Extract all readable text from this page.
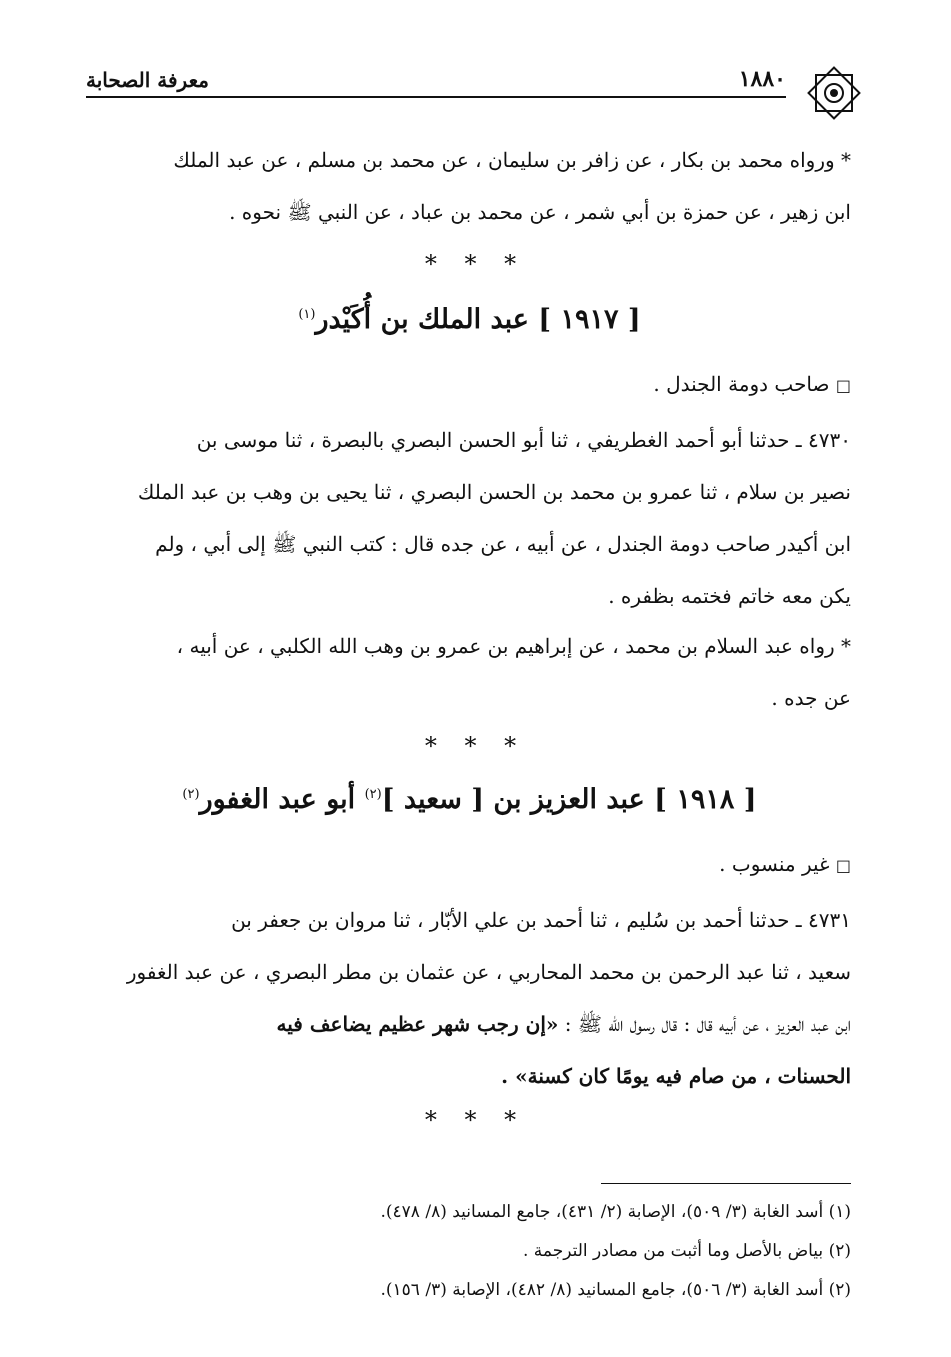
١٨٨٠
معرفة الصحابة

* ورواه محمد بن بكار ، عن زافر بن سليمان ، عن محمد بن مسلم ، عن عبد الملك

ابن زهير ، عن حمزة بن أبي شمر ، عن محمد بن عباد ، عن النبي ﷺ نحوه .

* * *
[ ١٩١٧ ] عبد الملك بن أُكَيْدر$^{(١)}$

□ صاحب دومة الجندل .

٤٧٣٠ ـ حدثنا أبو أحمد الغطريفي ، ثنا أبو الحسن البصري بالبصرة ، ثنا موسى بن

نصير بن سلام ، ثنا عمرو بن محمد بن الحسن البصري ، ثنا يحيى بن وهب بن عبد الملك

ابن أكيدر صاحب دومة الجندل ، عن أبيه ، عن جده قال : كتب النبي ﷺ إلى أبي ، ولم

يكن معه خاتم فختمه بظفره .

* رواه عبد السلام بن محمد ، عن إبراهيم بن عمرو بن وهب الله الكلبي ، عن أبيه ،

عن جده .

* * *
[ ١٩١٨ ] عبد العزيز بن [ سعيد ]$^{(٢)}$ أبو عبد الغفور$^{(٢)}$

□ غير منسوب .

٤٧٣١ ـ حدثنا أحمد بن سُليم ، ثنا أحمد بن علي الأبّار ، ثنا مروان بن جعفر بن

سعيد ، ثنا عبد الرحمن بن محمد المحاربي ، عن عثمان بن مطر البصري ، عن عبد الغفور

ابن عبد العزيز ، عن أبيه قال : قال رسول الله ﷺ : «إن رجب شهر عظيم يضاعف فيه

الحسنات ، من صام فيه يومًا كان كسنة» .

* * *
(١) أسد الغابة (٣/ ٥٠٩)، الإصابة (٢/ ٤٣١)، جامع المسانيد (٨/ ٤٧٨).
(٢) بياض بالأصل وما أثبت من مصادر الترجمة .
(٢) أسد الغابة (٣/ ٥٠٦)، جامع المسانيد (٨/ ٤٨٢)، الإصابة (٣/ ١٥٦).
